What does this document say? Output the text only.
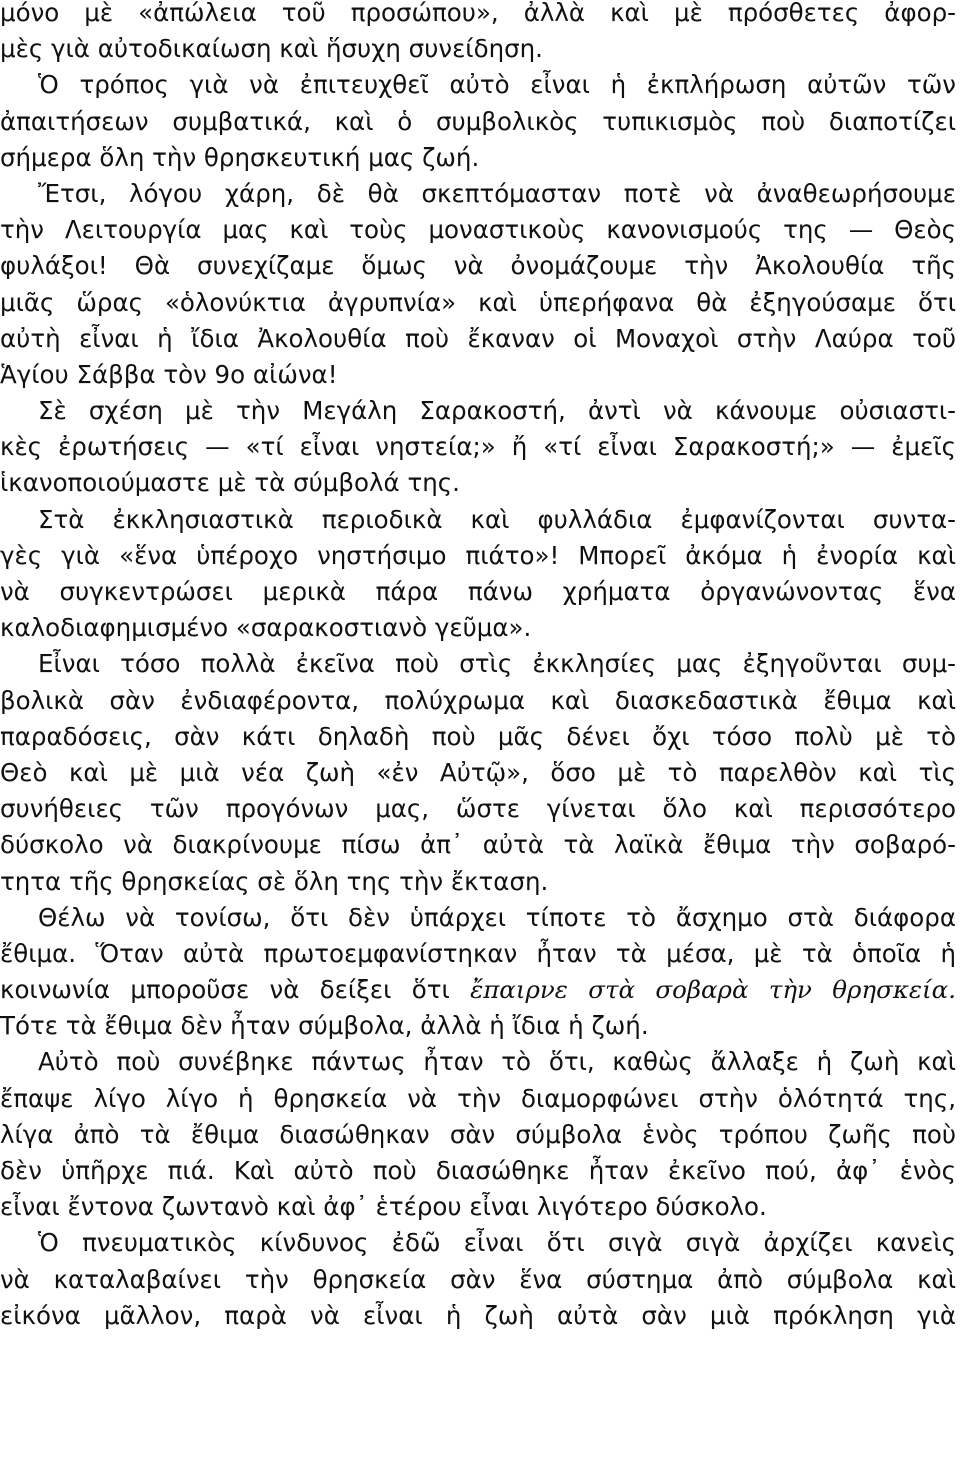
μόνο μὲ «ἀπώλεια τοῦ προσώπου», ἀλλὰ καὶ μὲ πρόσθετες ἀφορ-
μὲς γιὰ αὐτοδικαίωση καὶ ἥσυχη συνείδηση.
Ὁ τρόπος γιὰ νὰ ἐπιτευχθεῖ αὐτὸ εἶναι ἡ ἐκπλήρωση αὐτῶν τῶν
ἀπαιτήσεων συμβατικά, καὶ ὁ συμβολικὸς τυπικισμὸς ποὺ διαποτίζει
σήμερα ὅλη τὴν θρησκευτική μας ζωή.
Ἔτσι, λόγου χάρη, δὲ θὰ σκεπτόμασταν ποτὲ νὰ ἀναθεωρήσουμε
τὴν Λειτουργία μας καὶ τοὺς μοναστικοὺς κανονισμούς της — Θεὸς
φυλάξοι! Θὰ συνεχίζαμε ὅμως νὰ ὀνομάζουμε τὴν Ἀκολουθία τῆς
μιᾶς ὥρας «ὁλονύκτια ἀγρυπνία» καὶ ὑπερήφανα θὰ ἐξηγούσαμε ὅτι
αὐτὴ εἶναι ἡ ἴδια Ἀκολουθία ποὺ ἔκαναν οἱ Μοναχοὶ στὴν Λαύρα τοῦ
Ἁγίου Σάββα τὸν 9ο αἰώνα!
Σὲ σχέση μὲ τὴν Μεγάλη Σαρακοστή, ἀντὶ νὰ κάνουμε οὐσιαστι-
κὲς ἐρωτήσεις — «τί εἶναι νηστεία;» ἤ «τί εἶναι Σαρακοστή;» — ἐμεῖς
ἱκανοποιούμαστε μὲ τὰ σύμβολά της.
Στὰ ἐκκλησιαστικὰ περιοδικὰ καὶ φυλλάδια ἐμφανίζονται συντα-
γὲς γιὰ «ἕνα ὑπέροχο νηστήσιμο πιάτο»! Μπορεῖ ἀκόμα ἡ ἐνορία καὶ
νὰ συγκεντρώσει μερικὰ πάρα πάνω χρήματα ὀργανώνοντας ἕνα
καλοδιαφημισμένο «σαρακοστιανὸ γεῦμα».
Εἶναι τόσο πολλὰ ἐκεῖνα ποὺ στὶς ἐκκλησίες μας ἐξηγοῦνται συμ-
βολικὰ σὰν ἐνδιαφέροντα, πολύχρωμα καὶ διασκεδαστικὰ ἔθιμα καὶ
παραδόσεις, σὰν κάτι δηλαδὴ ποὺ μᾶς δένει ὄχι τόσο πολὺ μὲ τὸ
Θεὸ καὶ μὲ μιὰ νέα ζωὴ «ἐν Αὐτῷ», ὅσο μὲ τὸ παρελθὸν καὶ τὶς
συνήθειες τῶν προγόνων μας, ὥστε γίνεται ὅλο καὶ περισσότερο
δύσκολο νὰ διακρίνουμε πίσω ἀπ᾽ αὐτὰ τὰ λαϊκὰ ἔθιμα τὴν σοβαρό-
τητα τῆς θρησκείας σὲ ὅλη της τὴν ἔκταση.
Θέλω νὰ τονίσω, ὅτι δὲν ὑπάρχει τίποτε τὸ ἄσχημο στὰ διάφορα
ἔθιμα. Ὅταν αὐτὰ πρωτοεμφανίστηκαν ἦταν τὰ μέσα, μὲ τὰ ὁποῖα ἡ
κοινωνία μποροῦσε νὰ δείξει ὅτι ἔπαιρνε στὰ σοβαρὰ τὴν θρησκεία.
Τότε τὰ ἔθιμα δὲν ἦταν σύμβολα, ἀλλὰ ἡ ἴδια ἡ ζωή.
Αὐτὸ ποὺ συνέβηκε πάντως ἦταν τὸ ὅτι, καθὼς ἄλλαξε ἡ ζωὴ καὶ
ἔπαψε λίγο λίγο ἡ θρησκεία νὰ τὴν διαμορφώνει στὴν ὁλότητά της,
λίγα ἀπὸ τὰ ἔθιμα διασώθηκαν σὰν σύμβολα ἑνὸς τρόπου ζωῆς ποὺ
δὲν ὑπῆρχε πιά. Καὶ αὐτὸ ποὺ διασώθηκε ἦταν ἐκεῖνο πού, ἀφ᾽ ἑνὸς
εἶναι ἔντονα ζωντανὸ καὶ ἀφ᾽ ἑτέρου εἶναι λιγότερο δύσκολο.
Ὁ πνευματικὸς κίνδυνος ἐδῶ εἶναι ὅτι σιγὰ σιγὰ ἀρχίζει κανεὶς
νὰ καταλαβαίνει τὴν θρησκεία σὰν ἕνα σύστημα ἀπὸ σύμβολα καὶ
εἰκόνα μᾶλλον, παρὰ νὰ εἶναι ἡ ζωὴ αὐτὰ σὰν μιὰ πρόκληση γιὰ
